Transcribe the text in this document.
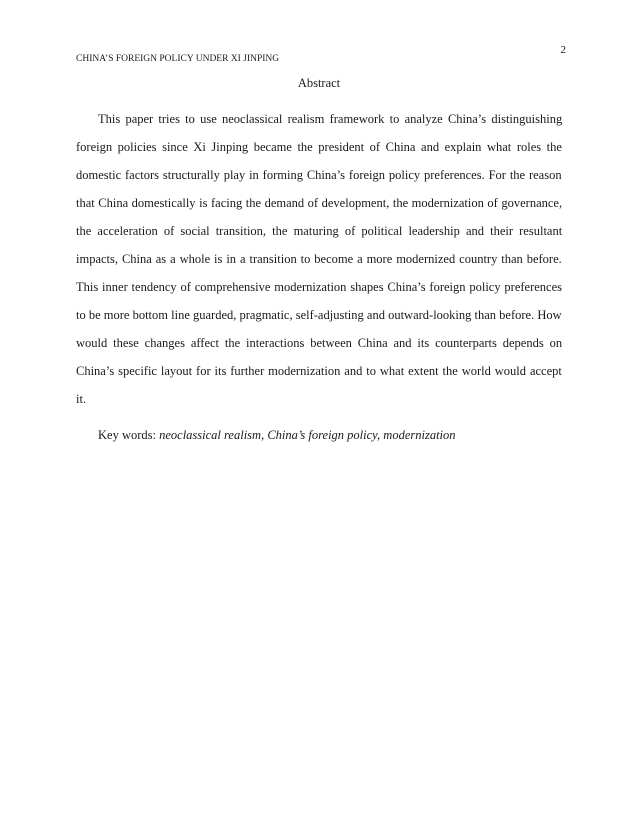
2
CHINA’S FOREIGN POLICY UNDER XI JINPING
Abstract
This paper tries to use neoclassical realism framework to analyze China’s distinguishing
foreign policies since Xi Jinping became the president of China and explain what roles the
domestic factors structurally play in forming China’s foreign policy preferences. For the reason
that China domestically is facing the demand of development, the modernization of governance,
the acceleration of social transition, the maturing of political leadership and their resultant
impacts, China as a whole is in a transition to become a more modernized country than before.
This inner tendency of comprehensive modernization shapes China’s foreign policy preferences
to be more bottom line guarded, pragmatic, self-adjusting and outward-looking than before. How
would these changes affect the interactions between China and its counterparts depends on
China’s specific layout for its further modernization and to what extent the world would accept
it.
Key words: neoclassical realism, China’s foreign policy, modernization
